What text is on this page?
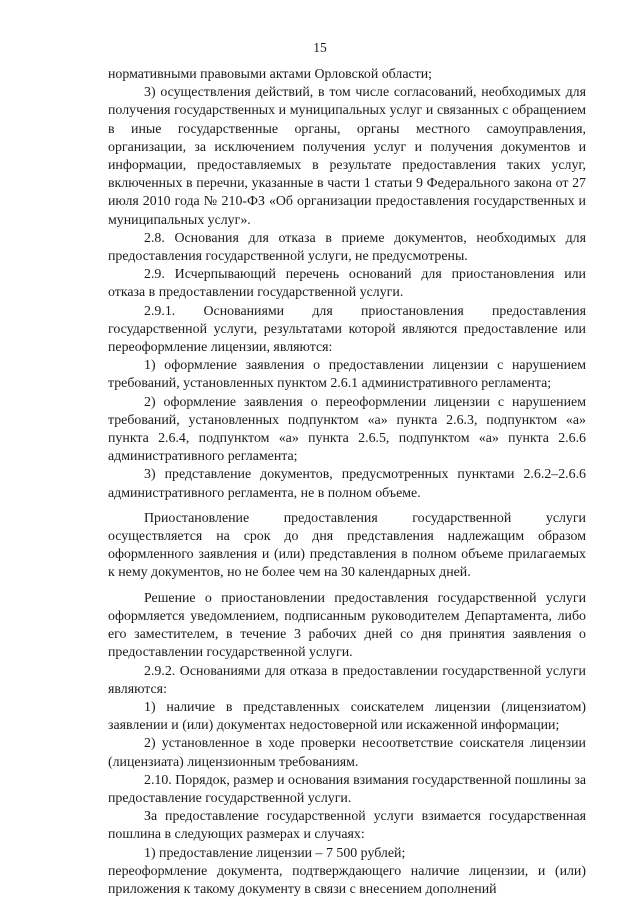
15

нормативными правовыми актами Орловской области;

3) осуществления действий, в том числе согласований, необходимых для получения государственных и муниципальных услуг и связанных с обращением в иные государственные органы, органы местного самоуправления, организации, за исключением получения услуг и получения документов и информации, предоставляемых в результате предоставления таких услуг, включенных в перечни, указанные в части 1 статьи 9 Федерального закона от 27 июля 2010 года № 210-ФЗ «Об организации предоставления государственных и муниципальных услуг».

2.8. Основания для отказа в приеме документов, необходимых для предоставления государственной услуги, не предусмотрены.

2.9. Исчерпывающий перечень оснований для приостановления или отказа в предоставлении государственной услуги.

2.9.1. Основаниями для приостановления предоставления государственной услуги, результатами которой являются предоставление или переоформление лицензии, являются:

1) оформление заявления о предоставлении лицензии с нарушением требований, установленных пунктом 2.6.1 административного регламента;

2) оформление заявления о переоформлении лицензии с нарушением требований, установленных подпунктом «а» пункта 2.6.3, подпунктом «а» пункта 2.6.4, подпунктом «а» пункта 2.6.5, подпунктом «а» пункта 2.6.6 административного регламента;

3) представление документов, предусмотренных пунктами 2.6.2–2.6.6 административного регламента, не в полном объеме.

Приостановление предоставления государственной услуги осуществляется на срок до дня представления надлежащим образом оформленного заявления и (или) представления в полном объеме прилагаемых к нему документов, но не более чем на 30 календарных дней.

Решение о приостановлении предоставления государственной услуги оформляется уведомлением, подписанным руководителем Департамента, либо его заместителем, в течение 3 рабочих дней со дня принятия заявления о предоставлении государственной услуги.

2.9.2. Основаниями для отказа в предоставлении государственной услуги являются:

1) наличие в представленных соискателем лицензии (лицензиатом) заявлении и (или) документах недостоверной или искаженной информации;

2) установленное в ходе проверки несоответствие соискателя лицензии (лицензиата) лицензионным требованиям.

2.10. Порядок, размер и основания взимания государственной пошлины за предоставление государственной услуги.

За предоставление государственной услуги взимается государственная пошлина в следующих размерах и случаях:

1) предоставление лицензии – 7 500 рублей;

переоформление документа, подтверждающего наличие лицензии, и (или) приложения к такому документу в связи с внесением дополнений
